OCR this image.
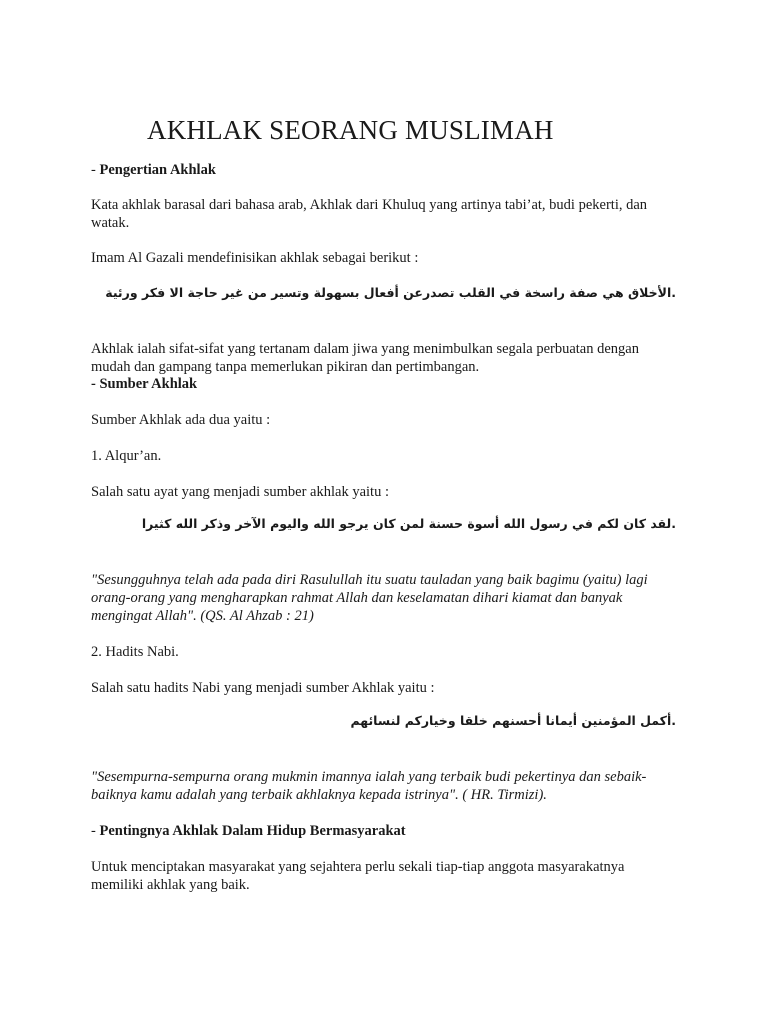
AKHLAK SEORANG MUSLIMAH
- Pengertian Akhlak
Kata akhlak barasal dari bahasa arab, Akhlak dari Khuluq yang artinya tabi’at, budi pekerti, dan
watak.
Imam Al Gazali mendefinisikan akhlak sebagai berikut :
.الأخلاق هي صفة راسخة في القلب تصدرعن أفعال بسهولة وتسير من غير حاجة الا فكر ورئية
Akhlak ialah sifat-sifat yang tertanam dalam jiwa yang menimbulkan segala perbuatan dengan
mudah dan gampang tanpa memerlukan pikiran dan pertimbangan.
- Sumber Akhlak
Sumber Akhlak ada dua yaitu :
1. Alqur’an.
Salah satu ayat yang menjadi sumber akhlak yaitu :
.لقد كان لكم في رسول الله أسوة حسنة لمن كان يرجو الله واليوم الآخر وذكر الله كثيرا
"Sesungguhnya telah ada pada diri Rasulullah itu suatu tauladan yang baik bagimu (yaitu) lagi
orang-orang yang mengharapkan rahmat Allah dan keselamatan dihari kiamat dan banyak
mengingat Allah". (QS. Al Ahzab : 21)
2. Hadits Nabi.
Salah satu hadits Nabi yang menjadi sumber Akhlak yaitu :
.أكمل المؤمنين أيمانا أحسنهم خلقا وخياركم لنسائهم
"Sesempurna-sempurna orang mukmin imannya ialah yang terbaik budi pekertinya dan sebaik-
baiknya kamu adalah yang terbaik akhlaknya kepada istrinya". ( HR. Tirmizi).
- Pentingnya Akhlak Dalam Hidup Bermasyarakat
Untuk menciptakan masyarakat yang sejahtera perlu sekali tiap-tiap anggota masyarakatnya
memiliki akhlak yang baik.
